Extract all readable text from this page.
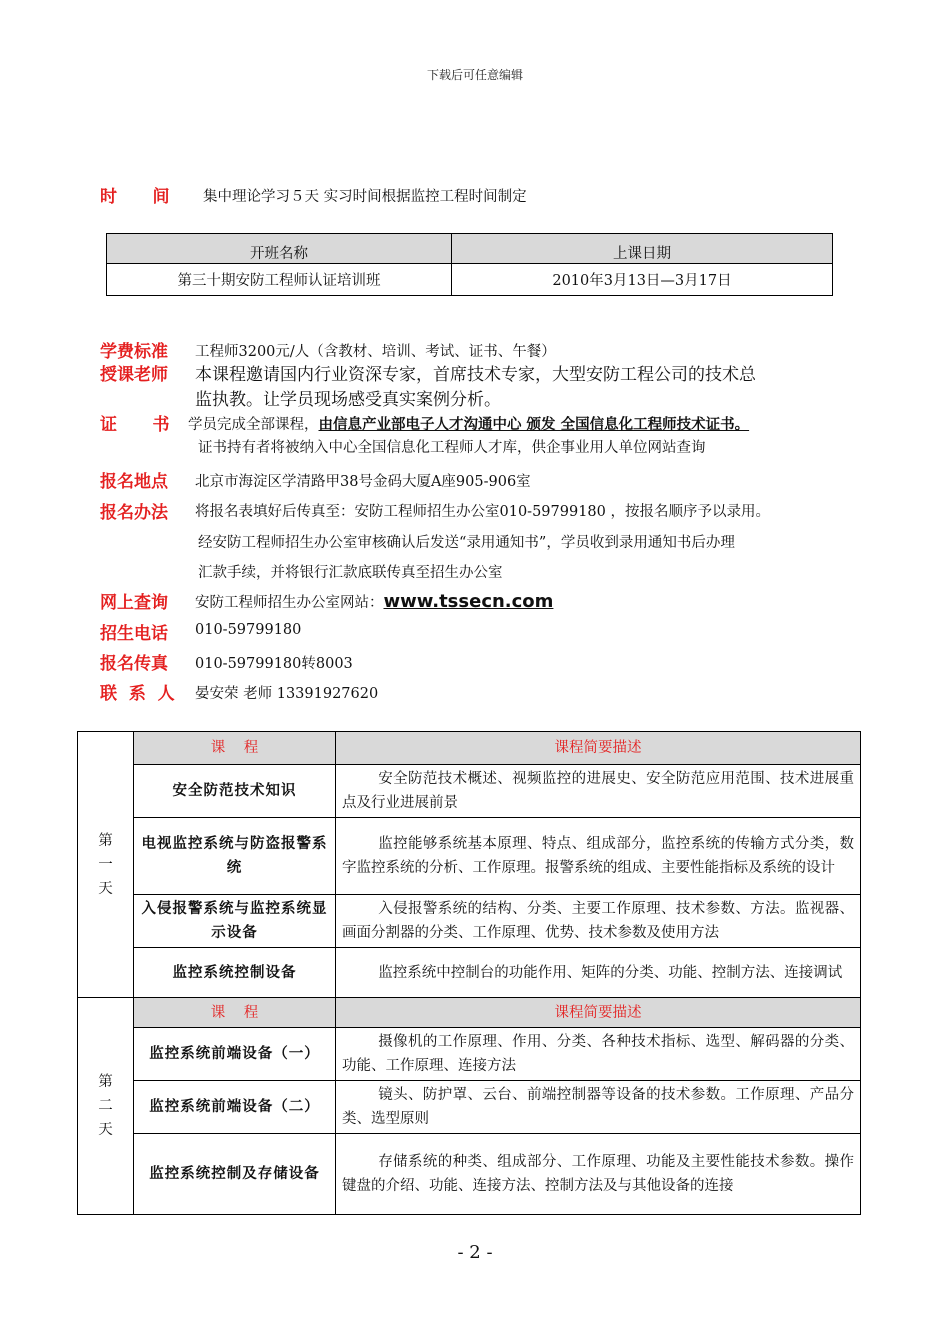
下载后可任意编辑
时      间 集中理论学习５天 实习时间根据监控工程时间制定
开班名称	上课日期
第三十期安防工程师认证培训班	2010年3月13日—3月17日
学费标准 工程师3200元/人（含教材、培训、考试、证书、午餐）
授课老师 本课程邀请国内行业资深专家，首席技术专家，大型安防工程公司的技术总
监执教。让学员现场感受真实案例分析。
证      书 学员完成全部课程，由信息产业部电子人才沟通中心 颁发 全国信息化工程师技术证书。
证书持有者将被纳入中心全国信息化工程师人才库，供企事业用人单位网站查询
报名地点 北京市海淀区学清路甲38号金码大厦A座905-906室
报名办法 将报名表填好后传真至：安防工程师招生办公室010-59799180 ，按报名顺序予以录用。
经安防工程师招生办公室审核确认后发送“录用通知书”，学员收到录用通知书后办理
汇款手续，并将银行汇款底联传真至招生办公室
网上查询 安防工程师招生办公室网站：www.tssecn.com
招生电话 010-59799180
报名传真 010-59799180转8003
联  系  人 晏安荣 老师 13391927620
第
一
天	课    程	课程简要描述
	安全防范技术知识	安全防范技术概述、视频监控的进展史、安全防范应用范围、技术进展重点及行业进展前景
	电视监控系统与防盗报警系统	监控能够系统基本原理、特点、组成部分，监控系统的传输方式分类，数字监控系统的分析、工作原理。报警系统的组成、主要性能指标及系统的设计
	入侵报警系统与监控系统显示设备	入侵报警系统的结构、分类、主要工作原理、技术参数、方法。监视器、画面分割器的分类、工作原理、优势、技术参数及使用方法
	监控系统控制设备	监控系统中控制台的功能作用、矩阵的分类、功能、控制方法、连接调试
第
二
天	课    程	课程简要描述
	监控系统前端设备（一）	摄像机的工作原理、作用、分类、各种技术指标、选型、解码器的分类、功能、工作原理、连接方法
	监控系统前端设备（二）	镜头、防护罩、云台、前端控制器等设备的技术参数。工作原理、产品分类、选型原则
	监控系统控制及存储设备	存储系统的种类、组成部分、工作原理、功能及主要性能技术参数。操作键盘的介绍、功能、连接方法、控制方法及与其他设备的连接
- 2 -
